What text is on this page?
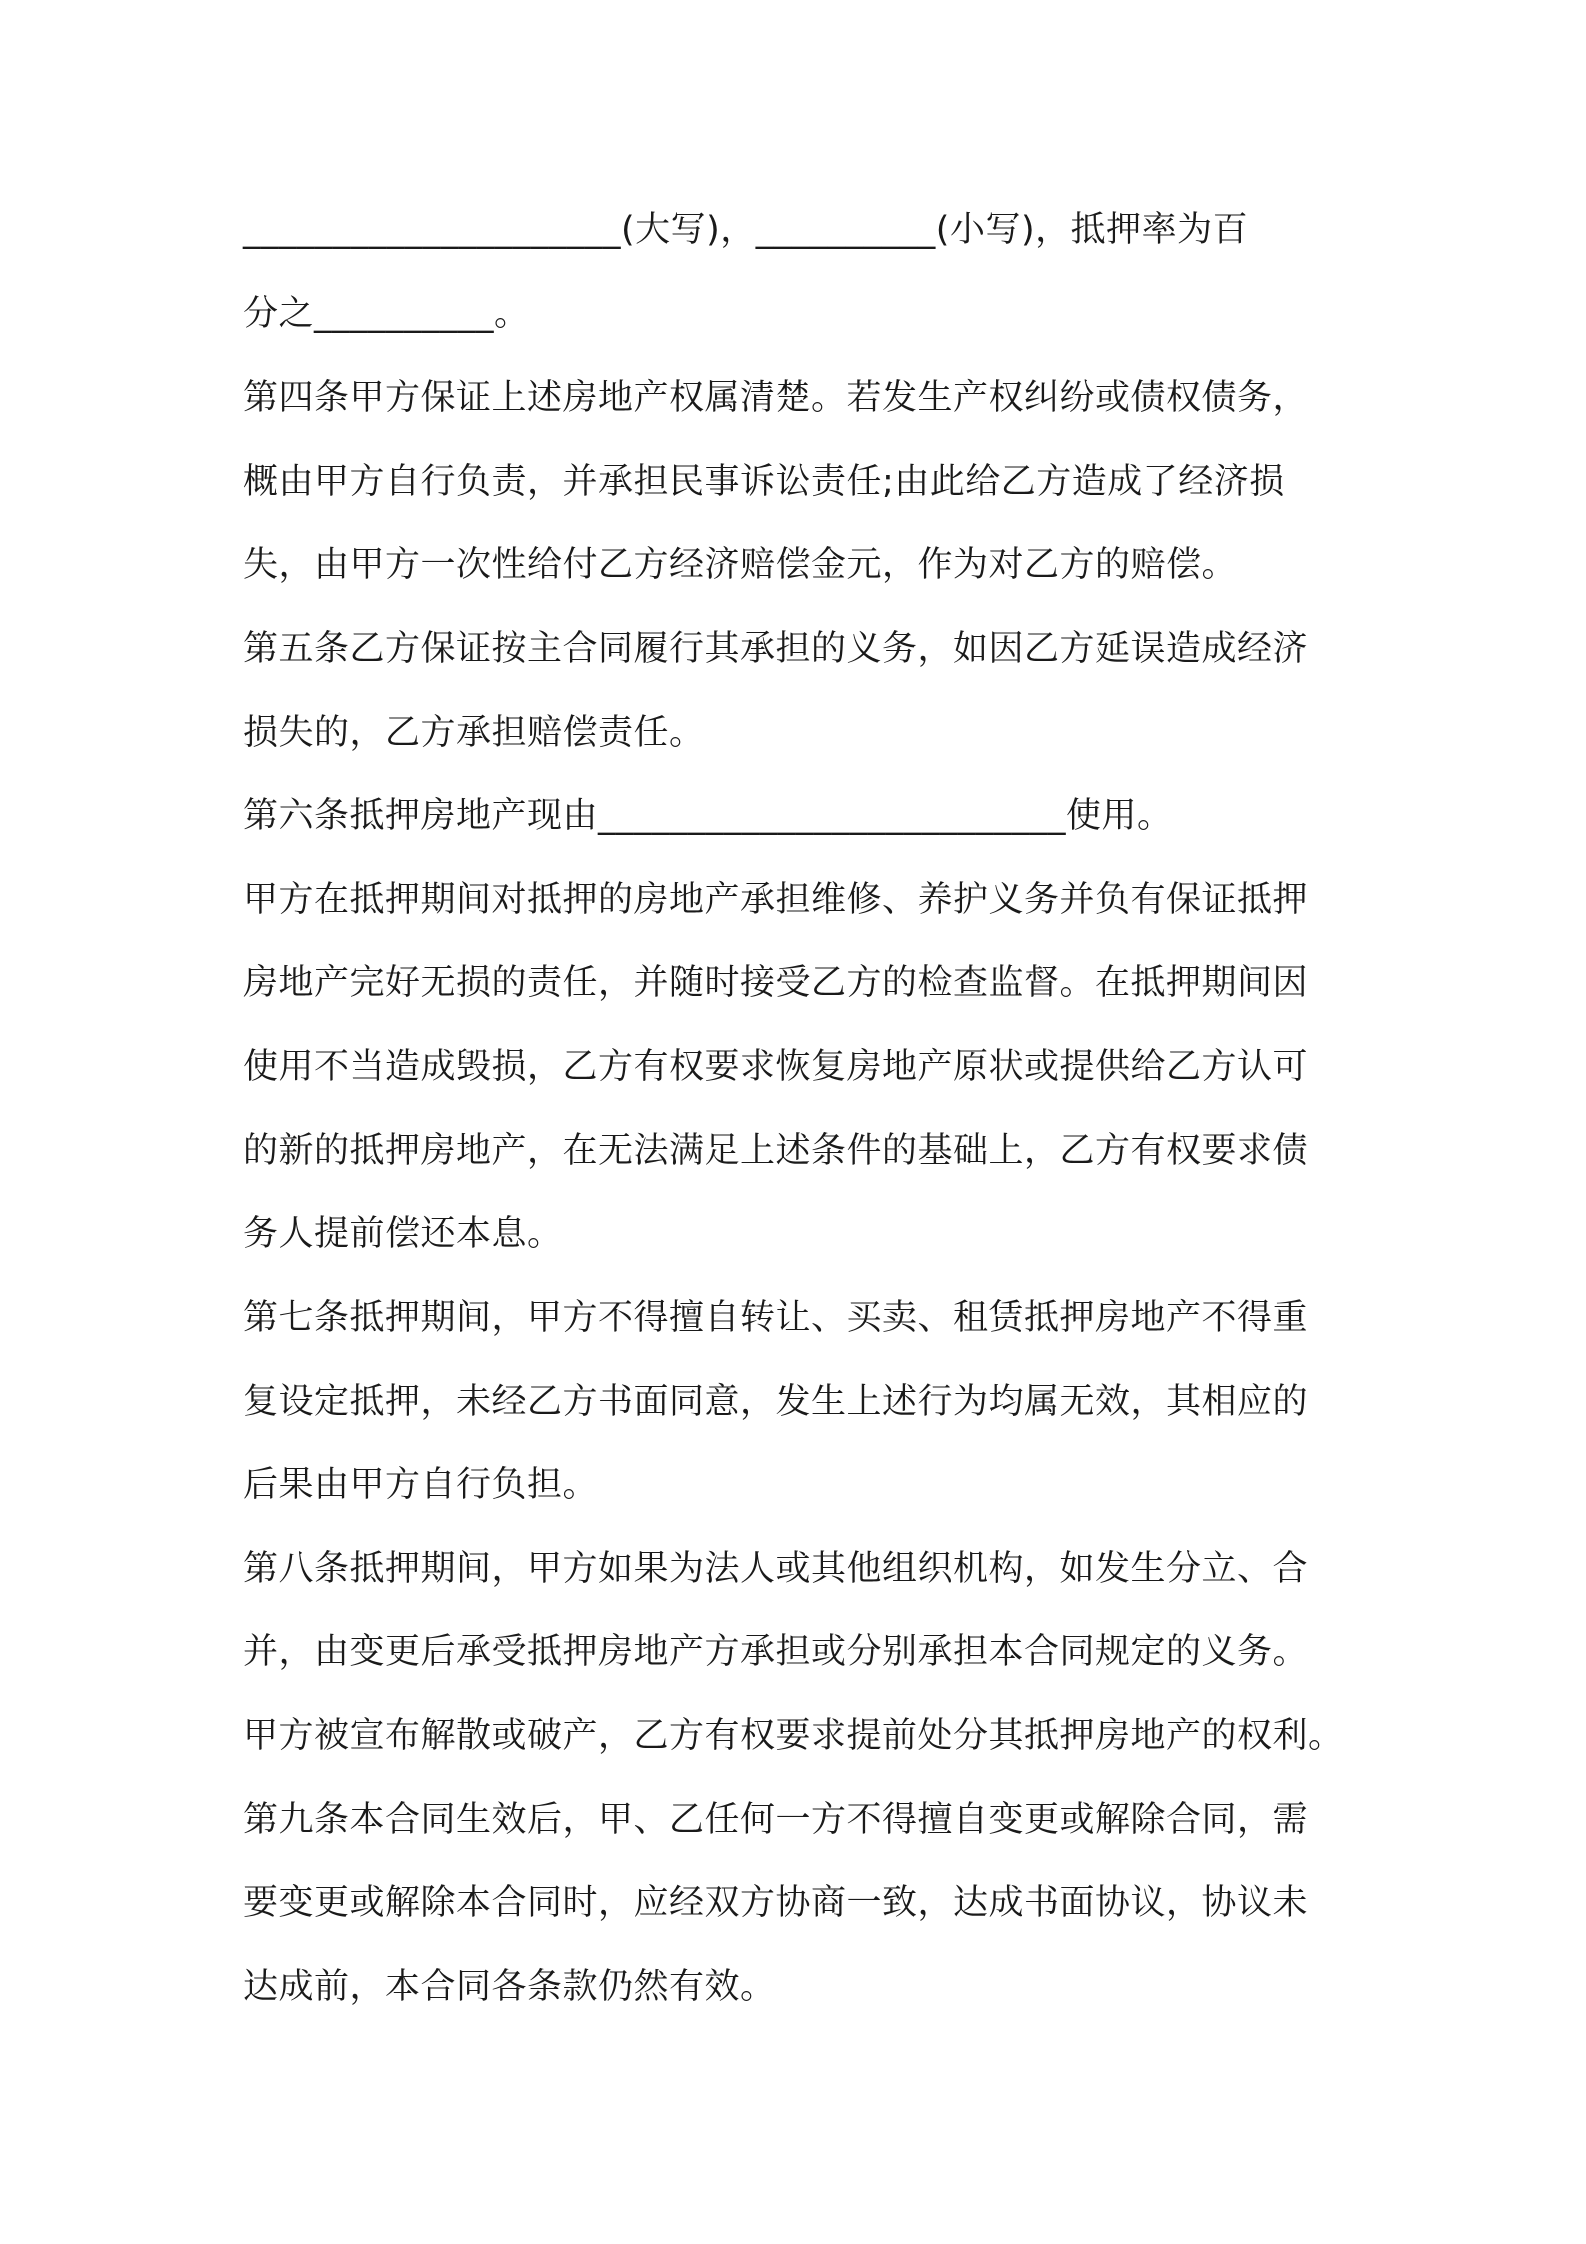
_____________________(大写)，__________(小写)，抵押率为百
分之__________。
第四条甲方保证上述房地产权属清楚。若发生产权纠纷或债权债务，
概由甲方自行负责，并承担民事诉讼责任;由此给乙方造成了经济损
失，由甲方一次性给付乙方经济赔偿金元，作为对乙方的赔偿。
第五条乙方保证按主合同履行其承担的义务，如因乙方延误造成经济
损失的，乙方承担赔偿责任。
第六条抵押房地产现由__________________________使用。
甲方在抵押期间对抵押的房地产承担维修、养护义务并负有保证抵押
房地产完好无损的责任，并随时接受乙方的检查监督。在抵押期间因
使用不当造成毁损，乙方有权要求恢复房地产原状或提供给乙方认可
的新的抵押房地产，在无法满足上述条件的基础上，乙方有权要求债
务人提前偿还本息。
第七条抵押期间，甲方不得擅自转让、买卖、租赁抵押房地产不得重
复设定抵押，未经乙方书面同意，发生上述行为均属无效，其相应的
后果由甲方自行负担。
第八条抵押期间，甲方如果为法人或其他组织机构，如发生分立、合
并，由变更后承受抵押房地产方承担或分别承担本合同规定的义务。
甲方被宣布解散或破产，乙方有权要求提前处分其抵押房地产的权利。
第九条本合同生效后，甲、乙任何一方不得擅自变更或解除合同，需
要变更或解除本合同时，应经双方协商一致，达成书面协议，协议未
达成前，本合同各条款仍然有效。
